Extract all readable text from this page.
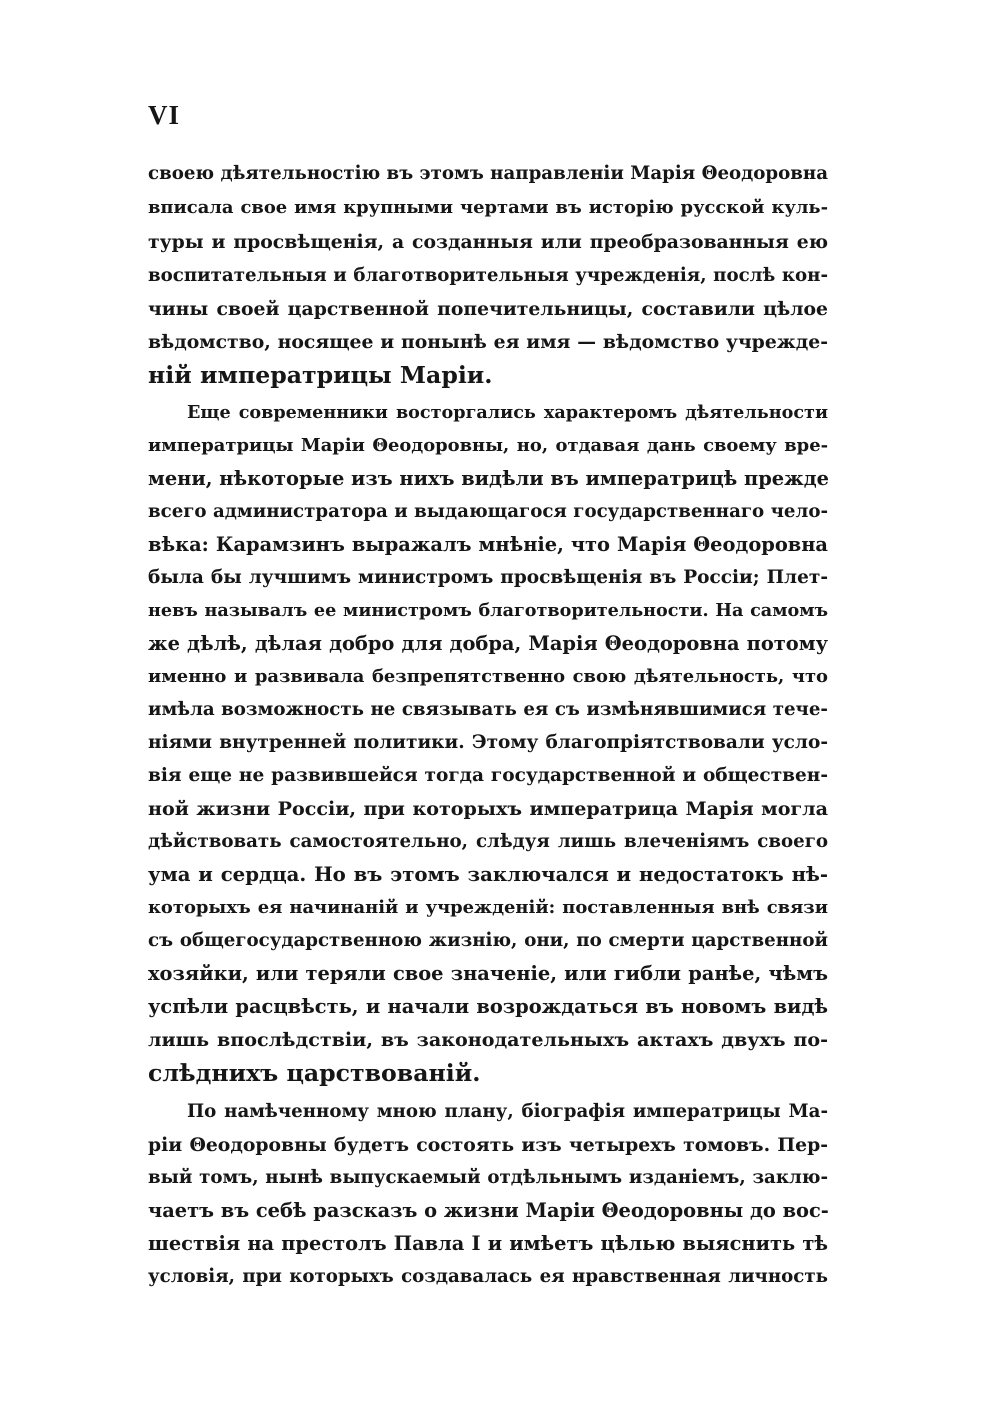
VI
своею дѣятельностію въ этомъ направленіи Марія Θеодоровна
вписала свое имя крупными чертами въ исторію русской куль-
туры и просвѣщенія, а созданныя или преобразованныя ею
воспитательныя и благотворительныя учрежденія, послѣ кон-
чины своей царственной попечительницы, составили цѣлое
вѣдомство, носящее и понынѣ ея имя — вѣдомство учрежде-
ній императрицы Маріи.
Еще современники восторгались характеромъ дѣятельности
императрицы Маріи Θеодоровны, но, отдавая дань своему вре-
мени, нѣкоторые изъ нихъ видѣли въ императрицѣ прежде
всего администратора и выдающагося государственнаго чело-
вѣка: Карамзинъ выражалъ мнѣніе, что Марія Θеодоровна
была бы лучшимъ министромъ просвѣщенія въ Россіи; Плет-
невъ называлъ ее министромъ благотворительности. На самомъ
же дѣлѣ, дѣлая добро для добра, Марія Θеодоровна потому
именно и развивала безпрепятственно свою дѣятельность, что
имѣла возможность не связывать ея съ измѣнявшимися тече-
ніями внутренней политики. Этому благопріятствовали усло-
вія еще не развившейся тогда государственной и обществен-
ной жизни Россіи, при которыхъ императрица Марія могла
дѣйствовать самостоятельно, слѣдуя лишь влеченіямъ своего
ума и сердца. Но въ этомъ заключался и недостатокъ нѣ-
которыхъ ея начинаній и учрежденій: поставленныя внѣ связи
съ общегосударственною жизнію, они, по смерти царственной
хозяйки, или теряли свое значеніе, или гибли ранѣе, чѣмъ
успѣли расцвѣсть, и начали возрождаться въ новомъ видѣ
лишь впослѣдствіи, въ законодательныхъ актахъ двухъ по-
слѣднихъ царствованій.
По намѣченному мною плану, біографія императрицы Ма-
ріи Θеодоровны будетъ состоять изъ четырехъ томовъ. Пер-
вый томъ, нынѣ выпускаемый отдѣльнымъ изданіемъ, заклю-
чаетъ въ себѣ разсказъ о жизни Маріи Θеодоровны до вос-
шествія на престолъ Павла I и имѣетъ цѣлью выяснить тѣ
условія, при которыхъ создавалась ея нравственная личность
